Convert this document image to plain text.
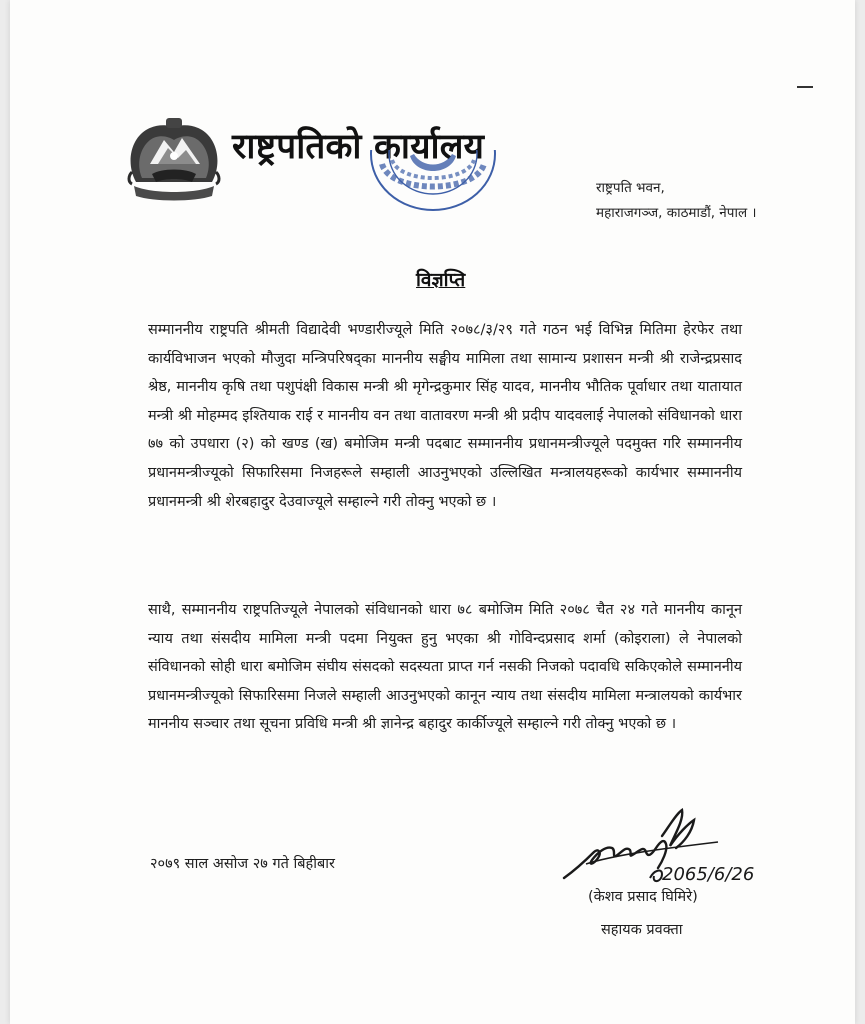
राष्ट्रपतिको कार्यालय
राष्ट्रपति भवन,
महाराजगञ्ज, काठमाडौं, नेपाल ।
विज्ञप्ति
सम्माननीय राष्ट्रपति श्रीमती विद्यादेवी भण्डारीज्यूले मिति २०७८/३/२९ गते गठन भई विभिन्न मितिमा हेरफेर तथा कार्यविभाजन भएको मौजुदा मन्त्रिपरिषद्का माननीय सङ्घीय मामिला तथा सामान्य प्रशासन मन्त्री श्री राजेन्द्रप्रसाद श्रेष्ठ, माननीय कृषि तथा पशुपंक्षी विकास मन्त्री श्री मृगेन्द्रकुमार सिंह यादव, माननीय भौतिक पूर्वाधार तथा यातायात मन्त्री श्री मोहम्मद इश्तियाक राई र माननीय वन तथा वातावरण मन्त्री श्री प्रदीप यादवलाई नेपालको संविधानको धारा ७७ को उपधारा (२) को खण्ड (ख) बमोजिम मन्त्री पदबाट सम्माननीय प्रधानमन्त्रीज्यूले पदमुक्त गरि सम्माननीय प्रधानमन्त्रीज्यूको सिफारिसमा निजहरूले सम्हाली आउनुभएको उल्लिखित मन्त्रालयहरूको कार्यभार सम्माननीय प्रधानमन्त्री श्री शेरबहादुर देउवाज्यूले सम्हाल्ने गरी तोक्नु भएको छ ।
साथै, सम्माननीय राष्ट्रपतिज्यूले नेपालको संविधानको धारा ७८ बमोजिम मिति २०७८ चैत २४ गते माननीय कानून न्याय तथा संसदीय मामिला मन्त्री पदमा नियुक्त हुनु भएका श्री गोविन्दप्रसाद शर्मा (कोइराला) ले नेपालको संविधानको सोही धारा बमोजिम संघीय संसदको सदस्यता प्राप्त गर्न नसकी निजको पदावधि सकिएकोले सम्माननीय प्रधानमन्त्रीज्यूको सिफारिसमा निजले सम्हाली आउनुभएको कानून न्याय तथा संसदीय मामिला मन्त्रालयको कार्यभार माननीय सञ्चार तथा सूचना प्रविधि मन्त्री श्री ज्ञानेन्द्र बहादुर कार्कीज्यूले सम्हाल्ने गरी तोक्नु भएको छ ।
२०७९ साल असोज २७ गते बिहीबार	2065/6/26
(केशव प्रसाद घिमिरे)
सहायक प्रवक्ता
